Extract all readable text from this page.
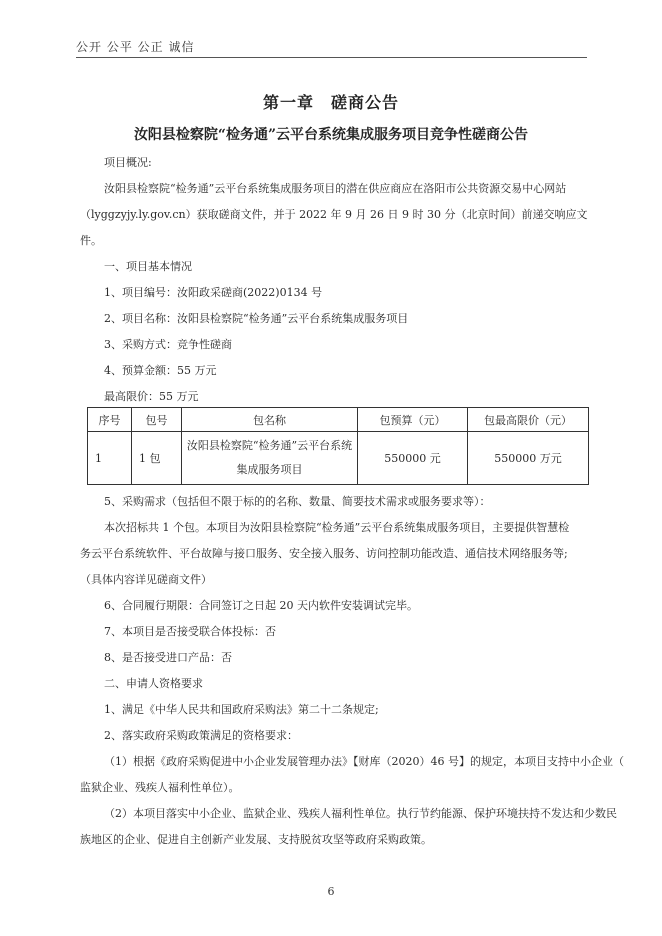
公开 公平 公正 诚信
第一章　磋商公告
汝阳县检察院“检务通”云平台系统集成服务项目竞争性磋商公告
项目概况:
汝阳县检察院“检务通”云平台系统集成服务项目的潜在供应商应在洛阳市公共资源交易中心网站
（lyggzyjy.ly.gov.cn）获取磋商文件，并于 2022 年 9 月 26 日 9 时 30 分（北京时间）前递交响应文
件。
一、项目基本情况
1、项目编号：汝阳政采磋商(2022)0134 号
2、项目名称：汝阳县检察院“检务通”云平台系统集成服务项目
3、采购方式：竞争性磋商
4、预算金额：55 万元
最高限价：55 万元
序号	包号	包名称	包预算（元）	包最高限价（元）
1	1 包	汝阳县检察院“检务通”云平台系统
集成服务项目	550000 元	550000 万元
5、采购需求（包括但不限于标的的名称、数量、简要技术需求或服务要求等）：
本次招标共 1 个包。本项目为汝阳县检察院“检务通”云平台系统集成服务项目，主要提供智慧检
务云平台系统软件、平台故障与接口服务、安全接入服务、访问控制功能改造、通信技术网络服务等;
（具体内容详见磋商文件）
6、合同履行期限：合同签订之日起 20 天内软件安装调试完毕。
7、本项目是否接受联合体投标：否
8、是否接受进口产品：否
二、申请人资格要求
1、满足《中华人民共和国政府采购法》第二十二条规定;
2、落实政府采购政策满足的资格要求：
（1）根据《政府采购促进中小企业发展管理办法》【财库（2020）46 号】的规定，本项目支持中小企业（
监狱企业、残疾人福利性单位）。
（2）本项目落实中小企业、监狱企业、残疾人福利性单位。执行节约能源、保护环境扶持不发达和少数民
族地区的企业、促进自主创新产业发展、支持脱贫攻坚等政府采购政策。
6
